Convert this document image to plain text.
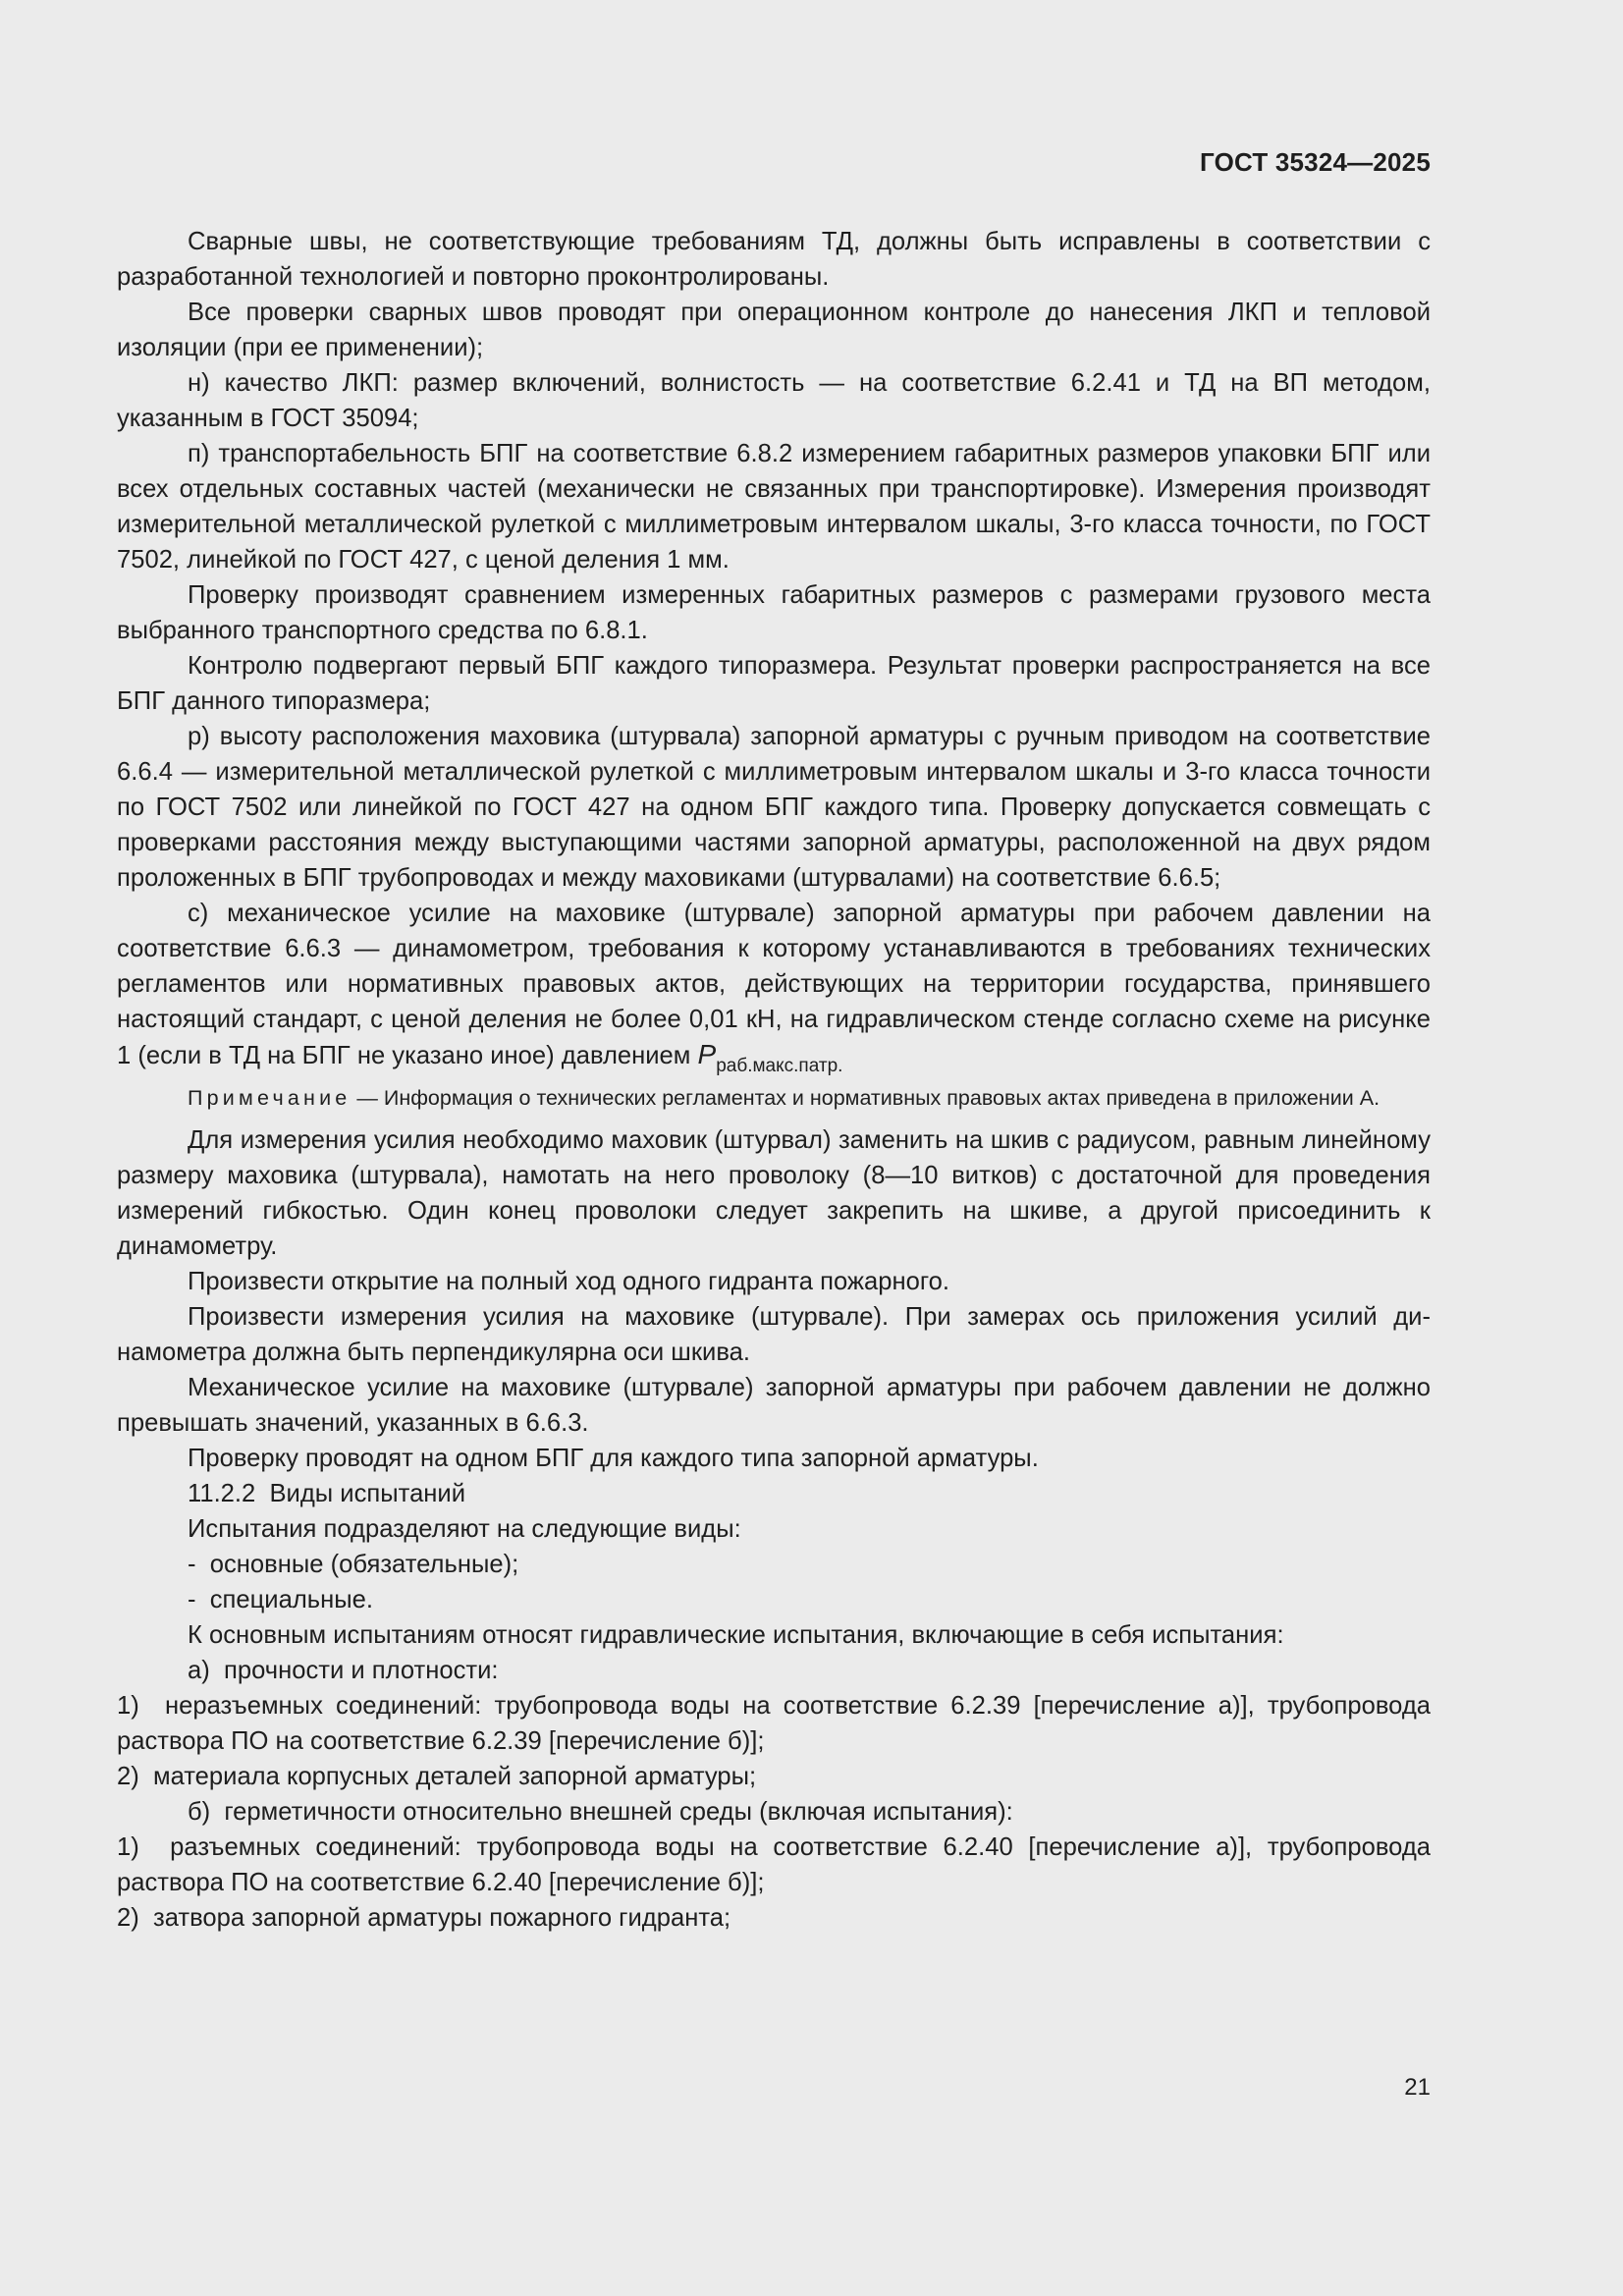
ГОСТ 35324—2025

Сварные швы, не соответствующие требованиям ТД, должны быть исправлены в соответствии с разработанной технологией и повторно проконтролированы.

Все проверки сварных швов проводят при операционном контроле до нанесения ЛКП и тепловой изоляции (при ее применении);

н) качество ЛКП: размер включений, волнистость — на соответствие 6.2.41 и ТД на ВП методом, указанным в ГОСТ 35094;

п) транспортабельность БПГ на соответствие 6.8.2 измерением габаритных размеров упаковки БПГ или всех отдельных составных частей (механически не связанных при транспортировке). Измерения производят измерительной металлической рулеткой с миллиметровым интервалом шкалы, 3-го класса точности, по ГОСТ 7502, линейкой по ГОСТ 427, с ценой деления 1 мм.

Проверку производят сравнением измеренных габаритных размеров с размерами грузового места выбранного транспортного средства по 6.8.1.

Контролю подвергают первый БПГ каждого типоразмера. Результат проверки распространяется на все БПГ данного типоразмера;

р) высоту расположения маховика (штурвала) запорной арматуры с ручным приводом на соответствие 6.6.4 — измерительной металлической рулеткой с миллиметровым интервалом шкалы и 3-го класса точности по ГОСТ 7502 или линейкой по ГОСТ 427 на одном БПГ каждого типа. Проверку допускается совмещать с проверками расстояния между выступающими частями запорной арматуры, расположенной на двух рядом проложенных в БПГ трубопроводах и между маховиками (штурвалами) на соответствие 6.6.5;

с) механическое усилие на маховике (штурвале) запорной арматуры при рабочем давлении на соответствие 6.6.3 — динамометром, требования к которому устанавливаются в требованиях технических регламентов или нормативных правовых актов, действующих на территории государства, принявшего настоящий стандарт, с ценой деления не более 0,01 кН, на гидравлическом стенде согласно схеме на рисунке 1 (если в ТД на БПГ не указано иное) давлением $P_{раб.макс.патр.}$

Примечание — Информация о технических регламентах и нормативных правовых актах приведена в приложении А.

Для измерения усилия необходимо маховик (штурвал) заменить на шкив с радиусом, равным линейному размеру маховика (штурвала), намотать на него проволоку (8—10 витков) с достаточной для проведения измерений гибкостью. Один конец проволоки следует закрепить на шкиве, а другой присоединить к динамометру.

Произвести открытие на полный ход одного гидранта пожарного.

Произвести измерения усилия на маховике (штурвале). При замерах ось приложения усилий динамометра должна быть перпендикулярна оси шкива.

Механическое усилие на маховике (штурвале) запорной арматуры при рабочем давлении не должно превышать значений, указанных в 6.6.3.

Проверку проводят на одном БПГ для каждого типа запорной арматуры.

11.2.2  Виды испытаний

Испытания подразделяют на следующие виды:

-  основные (обязательные);

-  специальные.

К основным испытаниям относят гидравлические испытания, включающие в себя испытания:

а)  прочности и плотности:

1)  неразъемных соединений: трубопровода воды на соответствие 6.2.39 [перечисление а)], трубопровода раствора ПО на соответствие 6.2.39 [перечисление б)];

2)  материала корпусных деталей запорной арматуры;

б)  герметичности относительно внешней среды (включая испытания):

1)  разъемных соединений: трубопровода воды на соответствие 6.2.40 [перечисление а)], трубопровода раствора ПО на соответствие 6.2.40 [перечисление б)];

2)  затвора запорной арматуры пожарного гидранта;

21
